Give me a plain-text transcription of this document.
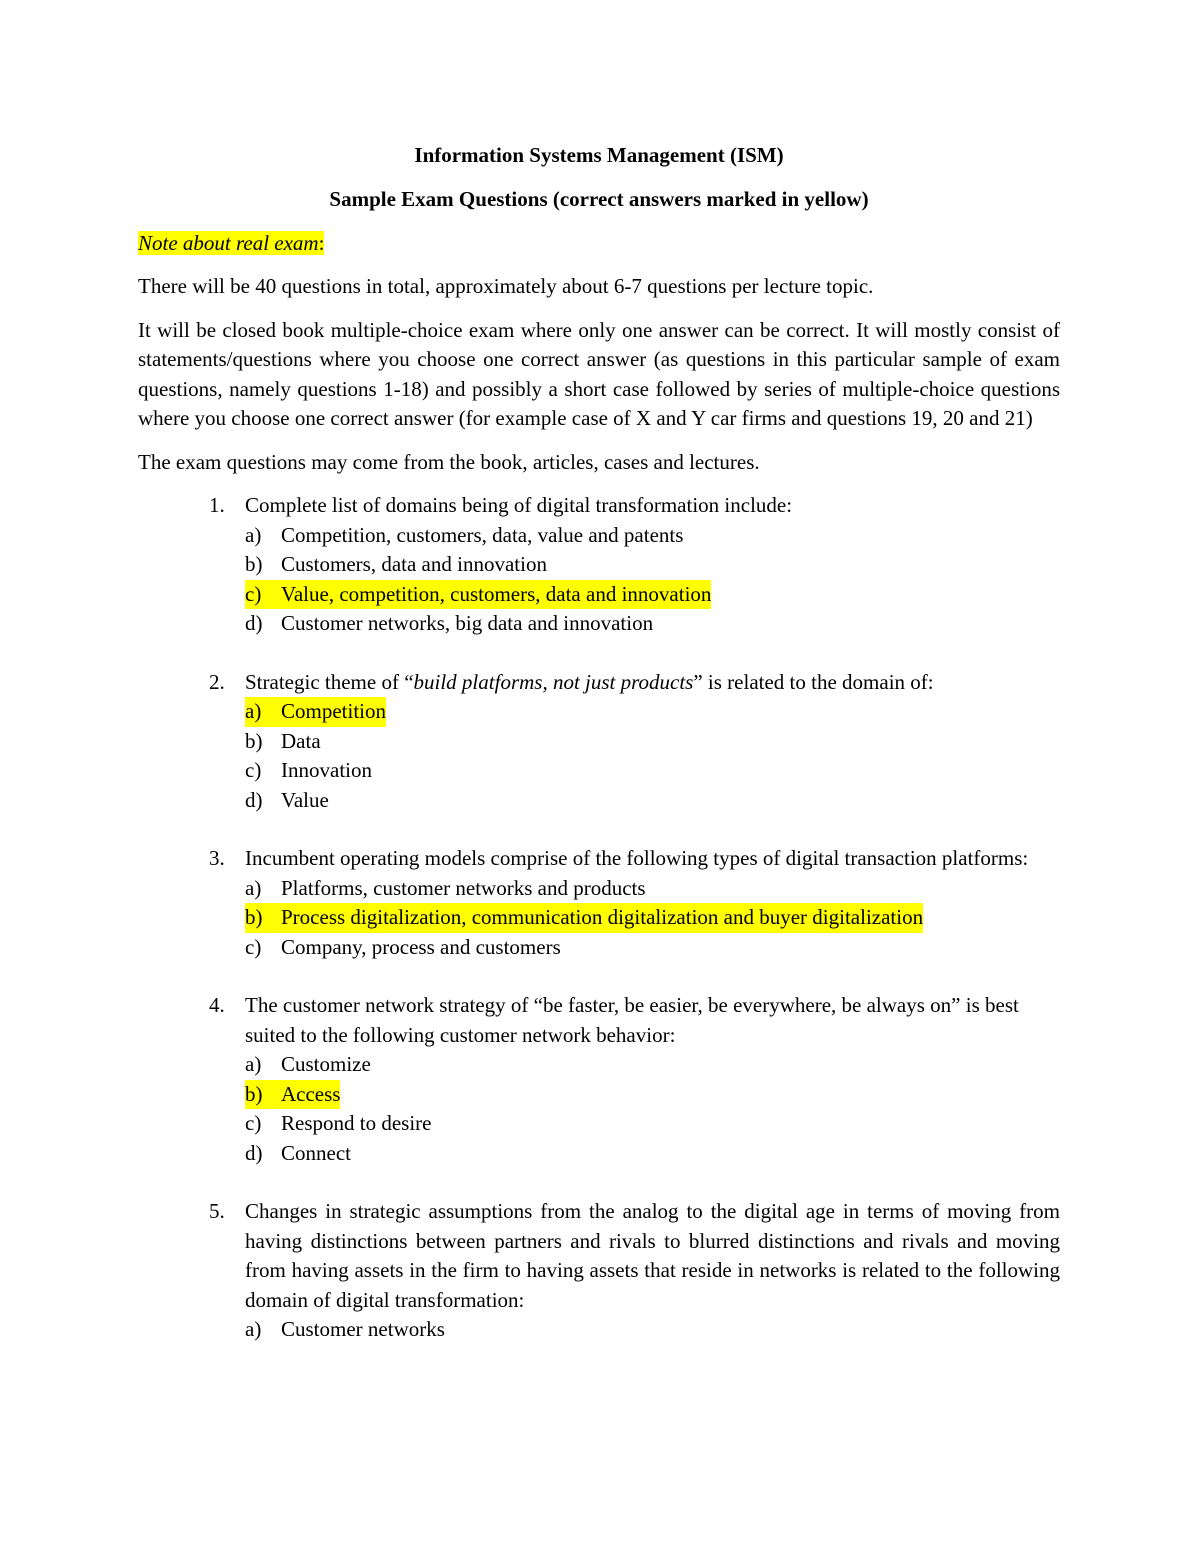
Information Systems Management (ISM)
Sample Exam Questions (correct answers marked in yellow)
Note about real exam:

There will be 40 questions in total, approximately about 6-7 questions per lecture topic.

It will be closed book multiple-choice exam where only one answer can be correct. It will mostly consist of statements/questions where you choose one correct answer (as questions in this particular sample of exam questions, namely questions 1-18) and possibly a short case followed by series of multiple-choice questions where you choose one correct answer (for example case of X and Y car firms and questions 19, 20 and 21)

The exam questions may come from the book, articles, cases and lectures.

1. Complete list of domains being of digital transformation include:

a) Competition, customers, data, value and patents
b) Customers, data and innovation
c) Value, competition, customers, data and innovation
d) Customer networks, big data and innovation
2. Strategic theme of “build platforms, not just products” is related to the domain of:

a) Competition
b) Data
c) Innovation
d) Value
3. Incumbent operating models comprise of the following types of digital transaction platforms:

a) Platforms, customer networks and products
b) Process digitalization, communication digitalization and buyer digitalization
c) Company, process and customers
4. The customer network strategy of “be faster, be easier, be everywhere, be always on” is best suited to the following customer network behavior:

a) Customize
b) Access
c) Respond to desire
d) Connect
5. Changes in strategic assumptions from the analog to the digital age in terms of moving from having distinctions between partners and rivals to blurred distinctions and rivals and moving from having assets in the firm to having assets that reside in networks is related to the following domain of digital transformation:

a) Customer networks
